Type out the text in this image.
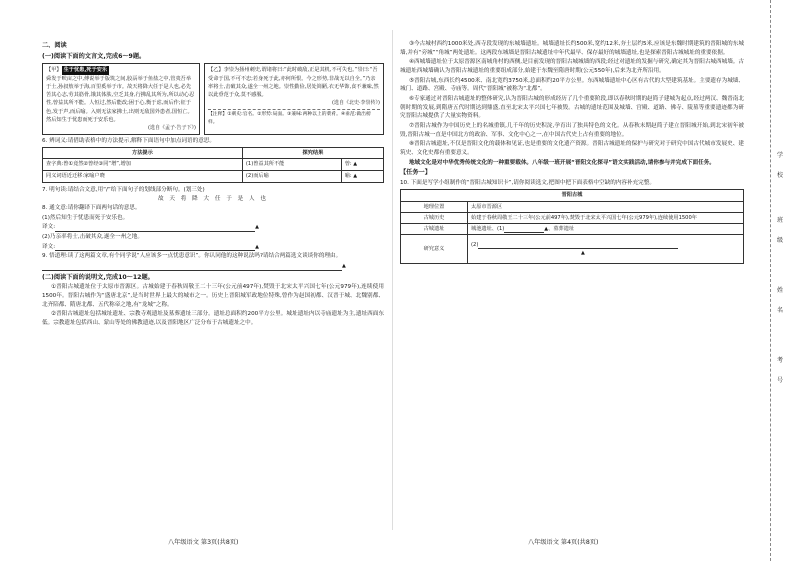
二、阅读
(一)阅读下面的文言文,完成6～9题。
【甲】 生于忧患,死于安乐
舜发于畎亩之中,傅说举于版筑之间,胶鬲举于鱼盐之中,管夷吾举于士,孙叔敖举于海,百里奚举于市。故天将降大任于是人也,必先苦其心志,劳其筋骨,饿其体肤,空乏其身,行拂乱其所为,所以动心忍性,曾益其所不能。人恒过,然后能改;困于心,衡于虑,而后作;征于色,发于声,而后喻。入则无法家拂士,出则无敌国外患者,国恒亡。然后知生于忧患而死于安乐也。
(选自《孟子·告子下》)
【乙】李崇为扬州刺史,谓诸将曰:“此时破敌,正是其机,不可失也。”崇曰:“吾受命于国,不可不忠;若身死于此,亦何所恨。今之形势,非战无以自全。”乃亲率将士,击破其众,遂全一州之地。崇性勤俭,居处简陋,衣无华饰,食不兼味,然以此垂范于众,莫不感服。
(选自《北史·李崇传》)
【注释】①刺史:官名。②形势:局面。③兼味:两种以上的菜肴。④垂范:做出榜样。
6. 辨词义:请借助表格中的方法提示,解释下面语句中加点词语的意思。
方法提示	探究结果	
查字典:曾①竟然②曾经③同“增”,增加	(1)曾益其所不能	曾: ▲
同义词语近迁移:家喻户晓	(2)而后喻	喻: ▲
7. 明句读:请结合文意,用“/”给下面句子的划线部分断句。(划三处)
故 天 将 降 大 任 于 是 人 也
8. 通文意:请你翻译下面两句话的意思。
(1)然后知生于忧患而死于安乐也。
译文:	▲
(2)乃亲率将士,击破其众,遂全一州之地。
译文:	▲
9. 悟道理:读了这两篇文章,有个同学说“人应该多一点忧患意识”。你认同他的这种说法吗?请结合两篇选文谈谈你的理由。
▲
(二)阅读下面的说明文,完成10～12题。
①晋阳古城遗址位于太原市晋源区。古城始建于春秋周敬王二十三年(公元前497年),焚毁于北宋太平兴国七年(公元979年),连续使用1500年。晋阳古城作为“盛唐北京”,是当时世界上最大的城市之一。历史上晋阳城军政地位特殊,曾作为赵国初都、汉晋于城、北魏别都、北齐陪都、隋唐北都、五代称帝之地,有“龙城”之称。
②晋阳古城遗址包括城址遗址、宗教寺观遗址及墓葬遗址三部分。遗址总面积约200平方公里。城址遗址内以寺庙遗址为主,遗址西面东低。宗教遗址包括西山、蒙山等处的佛教遗迹,以及晋阳地区广泛分布于古城遗址之中。
八年级语文 第3页(共8页)
③今古城村西约1000米处,西寺段发现的东城墙遗址。城墙遗址长约500米,宽约12米,夯土层约5米,应该是东魏时期建筑的晋阳城的东城墙,并有“旁城”“角城”两处遗址。这两段东城墙是晋阳古城遗址中年代最早、保存最好的城墙遗址,也是探索晋阳古城城址的重要依据。
④西城墙遗址位于太原晋源区南城角村的西侧,是目前发现的晋阳古城城墙的西段;经过对遗址的发掘与研究,确定其为晋阳古城西城墙。古城遗址西城墙确认为晋阳古城遗址的重要组成部分,始建于东魏至隋唐时期(公元550年),后来为北齐所沿用。
⑤晋阳古城,东西长约4500米、南北宽约3750米,总面积约20平方公里。东西城墙遗址中心区有古代的大型建筑基址。主要遗存为城墙、城门、道路、宫殿、寺庙等。周代“晋阳城”被称为“北都”。
⑥专家通过对晋阳古城遗址的整体研究,认为晋阳古城的形成经历了几个重要阶段,即以春秋时期的赵简子建城为起点,经过两汉、魏晋南北朝时期的发展,到隋唐五代时期达到鼎盛,直至北宋太平兴国七年被毁。古城的遗址范围及城墙、宫殿、道路、佛寺、陵墓等重要遗迹都为研究晋阳古城提供了大量实物资料。
⑦晋阳古城作为中国历史上的名城重镇,几千年的历史积淀,孕育出了独具特色的文化。从春秋末期赵简子建立晋阳城开始,到北宋初年被毁,晋阳古城一直是中国北方的政治、军事、文化中心之一,在中国古代史上占有重要的地位。
⑧晋阳古城遗址,不仅是晋阳文化的载体和见证,也是重要的文化遗产资源。晋阳古城遗址的保护与研究对于研究中国古代城市发展史、建筑史、文化史都有重要意义。
地域文化是对中华优秀传统文化的一种重要载体。八年级一班开展“晋阳文化探寻”语文实践活动,请你参与并完成下面任务。
【任务一】
10. 下面是写学小组制作的“晋阳古城知识卡”,请你阅读选文,把图中把下面表格中空缺的内容补充完整。
晋阳古城	
地理位置	太原市晋源区
古城历史	始建于春秋周敬王二十三年(公元前497年),焚毁于北宋太平兴国七年(公元979年),连续使用1500年
古城遗址	城池遗址、(1) ▲、墓葬遗址
研究意义	(2)
▲
八年级语文 第4页(共8页)
学
校
班
级
姓
名
考
号
